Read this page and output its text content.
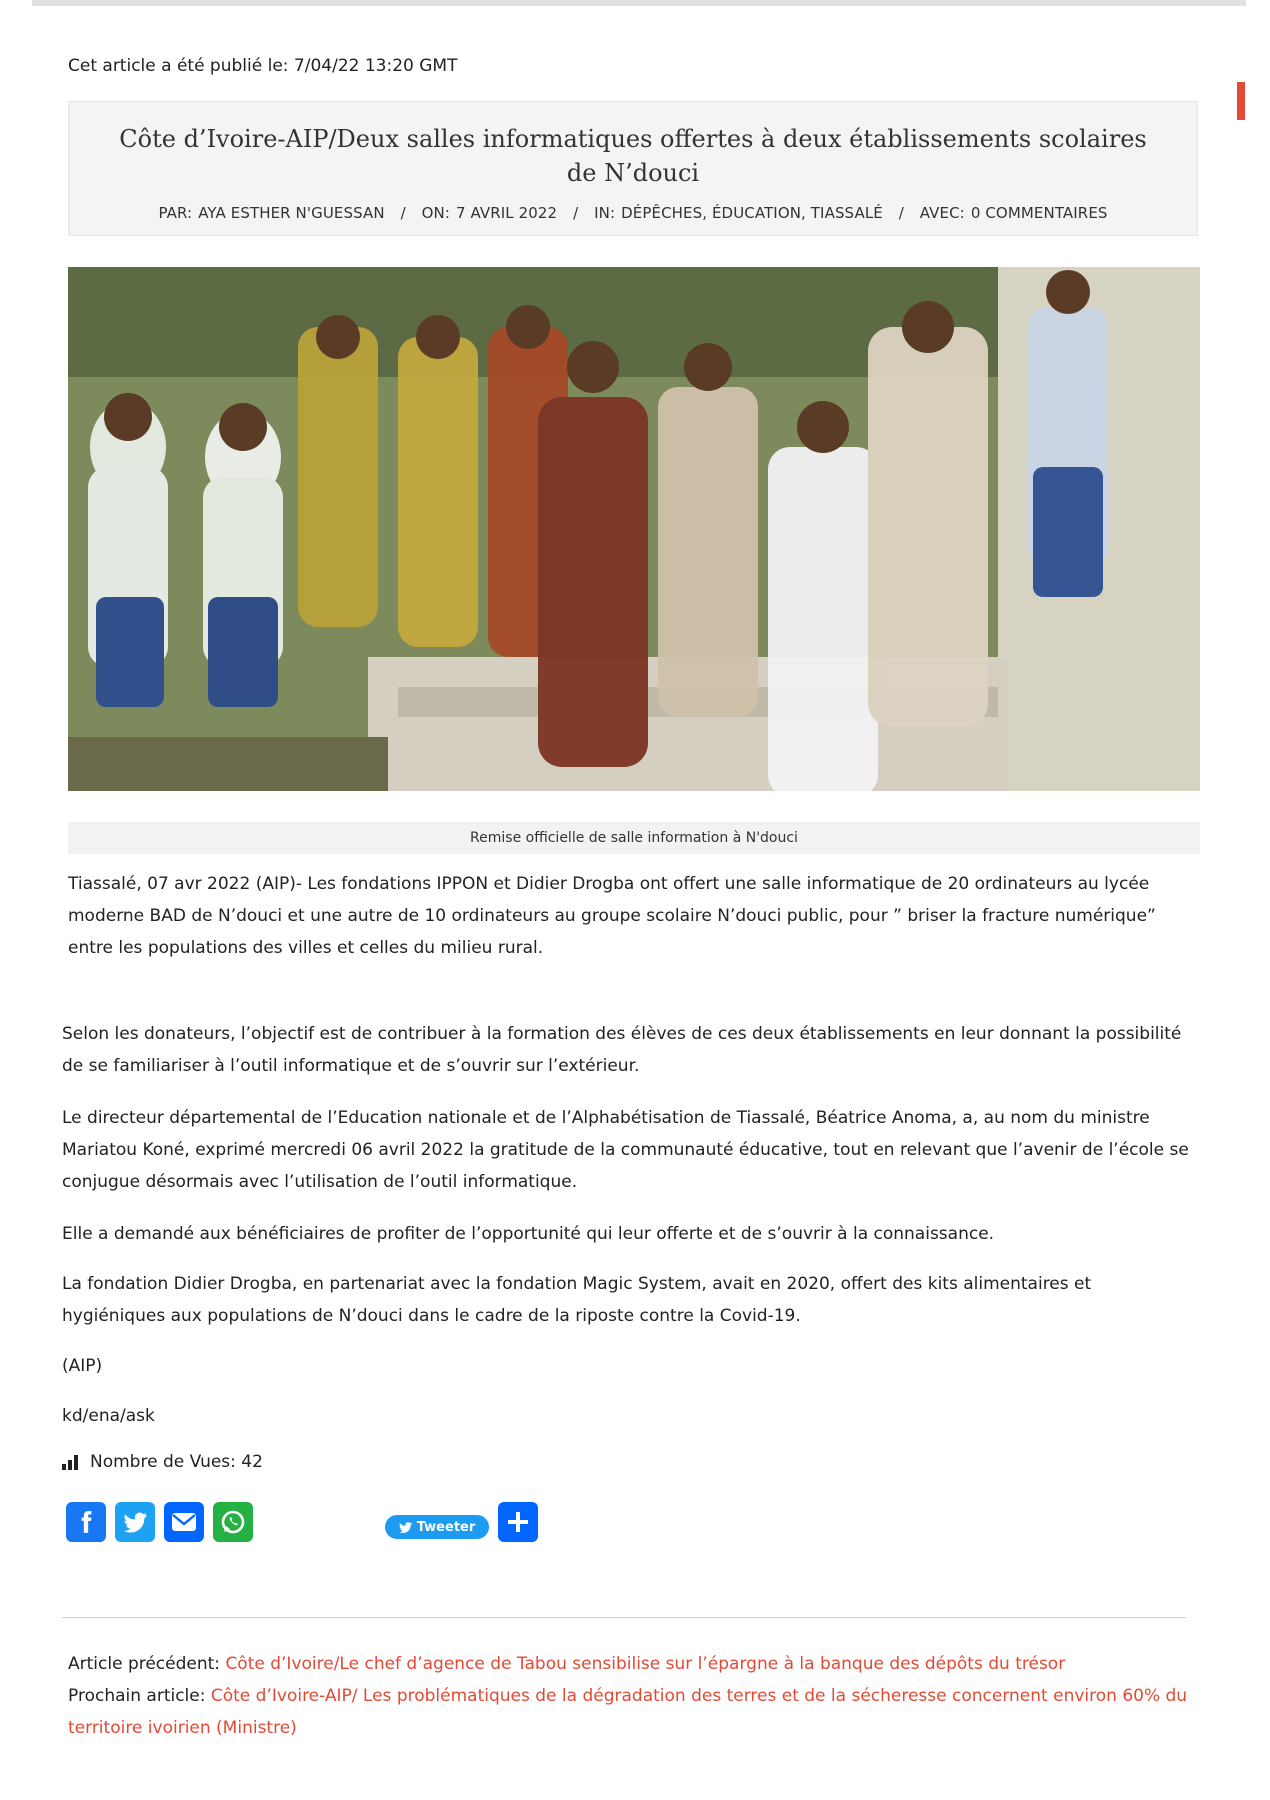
Cet article a été publié le: 7/04/22 13:20 GMT
Côte d’Ivoire-AIP/Deux salles informatiques offertes à deux établissements scolaires de N’douci
PAR: AYA ESTHER N'GUESSAN / ON: 7 AVRIL 2022 / IN: DÉPÊCHES, ÉDUCATION, TIASSALÉ / AVEC: 0 COMMENTAIRES
Remise officielle de salle information à N'douci

Tiassalé, 07 avr 2022 (AIP)- Les fondations IPPON et Didier Drogba ont offert une salle informatique de 20 ordinateurs au lycée moderne BAD de N’douci et une autre de 10 ordinateurs au groupe scolaire N’douci public, pour ” briser la fracture numérique” entre les populations des villes et celles du milieu rural.

Selon les donateurs, l’objectif est de contribuer à la formation des élèves de ces deux établissements en leur donnant la possibilité de se familiariser à l’outil informatique et de s’ouvrir sur l’extérieur.

Le directeur départemental de l’Education nationale et de l’Alphabétisation de Tiassalé, Béatrice Anoma, a, au nom du ministre Mariatou Koné, exprimé mercredi 06 avril 2022 la gratitude de la communauté éducative, tout en relevant que l’avenir de l’école se conjugue désormais avec l’utilisation de l’outil informatique.

Elle a demandé aux bénéficiaires de profiter de l’opportunité qui leur offerte et de s’ouvrir à la connaissance.

La fondation Didier Drogba, en partenariat avec la fondation Magic System, avait en 2020, offert des kits alimentaires et hygiéniques aux populations de N’douci dans le cadre de la riposte contre la Covid-19.

(AIP)

kd/ena/ask

Nombre de Vues: 42
Tweeter
Article précédent: Côte d’Ivoire/Le chef d’agence de Tabou sensibilise sur l’épargne à la banque des dépôts du trésor
Prochain article: Côte d’Ivoire-AIP/ Les problématiques de la dégradation des terres et de la sécheresse concernent environ 60% du territoire ivoirien (Ministre)
